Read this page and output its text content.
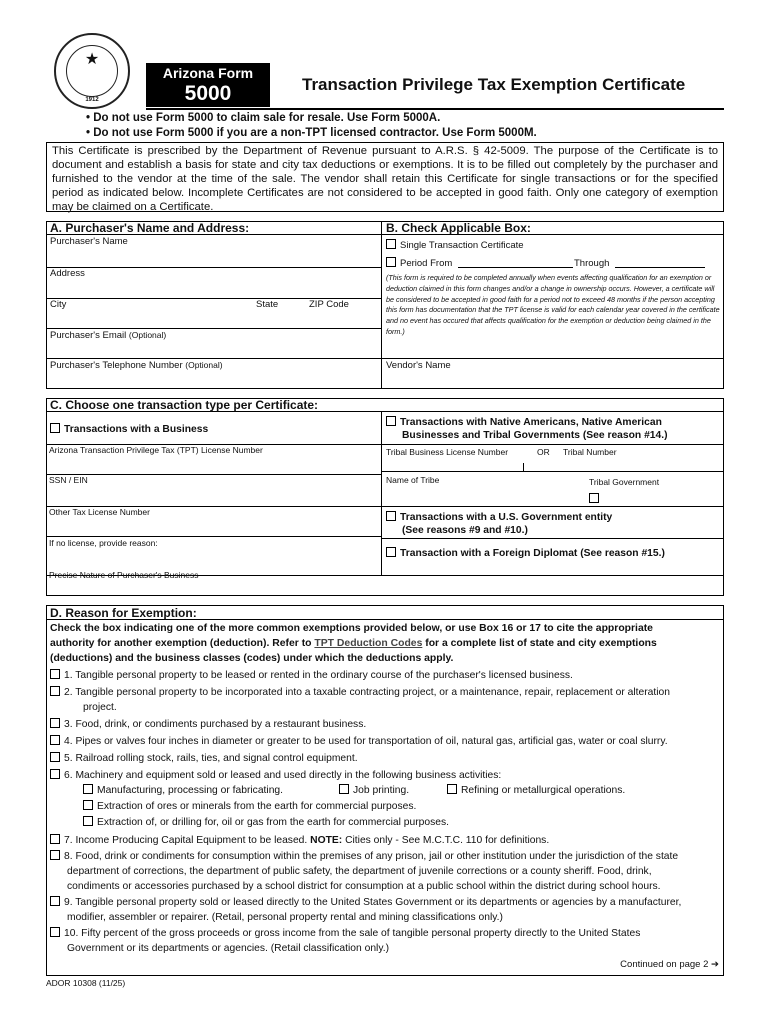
★
1912
Arizona Form
5000	Transaction Privilege Tax Exemption Certificate
• Do not use Form 5000 to claim sale for resale. Use Form 5000A.
• Do not use Form 5000 if you are a non-TPT licensed contractor. Use Form 5000M.
This Certificate is prescribed by the Department of Revenue pursuant to A.R.S. § 42-5009. The purpose of the Certificate is to document and establish a basis for state and city tax deductions or exemptions. It is to be filled out completely by the purchaser and furnished to the vendor at the time of the sale. The vendor shall retain this Certificate for single transactions or for the specified period as indicated below. Incomplete Certificates are not considered to be accepted in good faith. Only one category of exemption may be claimed on a Certificate.
A. Purchaser's Name and Address:	B. Check Applicable Box:
Purchaser's Name
Address
City	State	ZIP Code
Purchaser's Email (Optional)
Purchaser's Telephone Number (Optional)
Single Transaction Certificate
Period From	Through
(This form is required to be completed annually when events affecting qualification for an exemption or deduction claimed in this form changes and/or a change in ownership occurs. However, a certificate will be considered to be accepted in good faith for a period not to exceed 48 months if the person accepting this form has documentation that the TPT license is valid for each calendar year covered in the certificate and no event has occured that affects qualification for the exemption or deduction being claimed in the form.)
Vendor's Name
C. Choose one transaction type per Certificate:
Transactions with a Business
Arizona Transaction Privilege Tax (TPT) License Number
SSN / EIN
Other Tax License Number
If no license, provide reason:
Precise Nature of Purchaser's Business
Transactions with Native Americans, Native American
Businesses and Tribal Governments (See reason #14.)
Tribal Business License Number	OR Tribal Number
Name of Tribe	Tribal Government
Transactions with a U.S. Government entity
(See reasons #9 and #10.)
Transaction with a Foreign Diplomat (See reason #15.)
D. Reason for Exemption:
Check the box indicating one of the more common exemptions provided below, or use Box 16 or 17 to cite the appropriate
authority for another exemption (deduction). Refer to TPT Deduction Codes for a complete list of state and city exemptions
(deductions) and the business classes (codes) under which the deductions apply.
1. Tangible personal property to be leased or rented in the ordinary course of the purchaser's licensed business.
2. Tangible personal property to be incorporated into a taxable contracting project, or a maintenance, repair, replacement or alteration
project.
3. Food, drink, or condiments purchased by a restaurant business.
4. Pipes or valves four inches in diameter or greater to be used for transportation of oil, natural gas, artificial gas, water or coal slurry.
5. Railroad rolling stock, rails, ties, and signal control equipment.
6. Machinery and equipment sold or leased and used directly in the following business activities:
Manufacturing, processing or fabricating.	Job printing.	Refining or metallurgical operations.
Extraction of ores or minerals from the earth for commercial purposes.
Extraction of, or drilling for, oil or gas from the earth for commercial purposes.
7. Income Producing Capital Equipment to be leased. NOTE: Cities only - See M.C.T.C. 110 for definitions.
8. Food, drink or condiments for consumption within the premises of any prison, jail or other institution under the jurisdiction of the state
department of corrections, the department of public safety, the department of juvenile corrections or a county sheriff. Food, drink,
condiments or accessories purchased by a school district for consumption at a public school within the district during school hours.
9. Tangible personal property sold or leased directly to the United States Government or its departments or agencies by a manufacturer,
modifier, assembler or repairer. (Retail, personal property rental and mining classifications only.)
10. Fifty percent of the gross proceeds or gross income from the sale of tangible personal property directly to the United States
Government or its departments or agencies. (Retail classification only.)
Continued on page 2 ➔
ADOR 10308 (11/25)
